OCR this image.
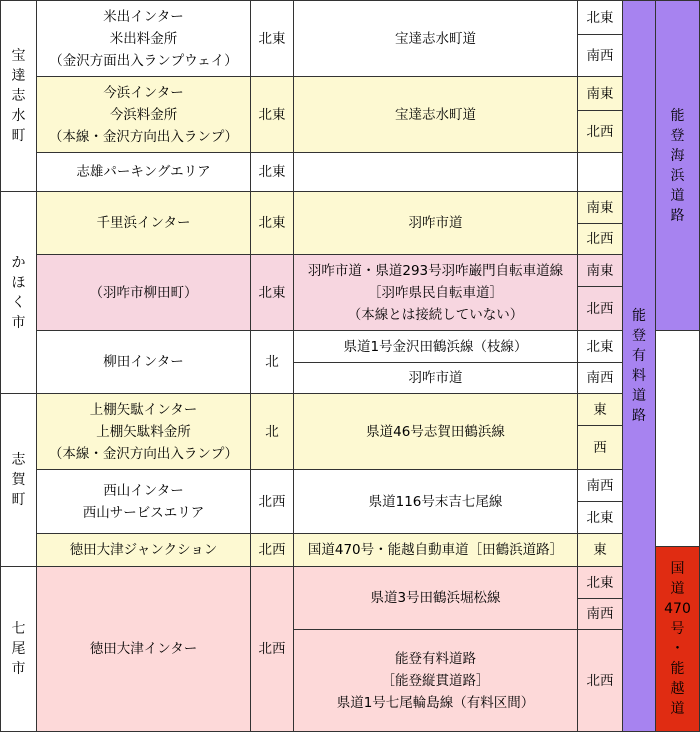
宝
達
志
水
町
か
ほ
く
市
志
賀
町
七
尾
市
米出インター
米出料金所
（金沢方面出入ランプウェイ）
今浜インター
今浜料金所
（本線・金沢方向出入ランプ）
志雄パーキングエリア
千里浜インター
（羽咋市柳田町）
柳田インター
上棚矢駄インター
上棚矢駄料金所
（本線・金沢方向出入ランプ）
西山インター
西山サービスエリア
徳田大津ジャンクション
徳田大津インター
北東
北東
北東
北東
北東
北
北
北西
北西
北西
宝達志水町道
宝達志水町道
羽咋市道
羽咋市道・県道293号羽咋巌門自転車道線
［羽咋県民自転車道］
（本線とは接続していない）
県道1号金沢田鶴浜線（枝線）
羽咋市道
県道46号志賀田鶴浜線
県道116号末吉七尾線
国道470号・能越自動車道［田鶴浜道路］
県道3号田鶴浜堀松線
能登有料道路
［能登縦貫道路］
県道1号七尾輪島線（有料区間）
北東
南西
南東
北西
南東
北西
南東
北西
北東
南西
東
西
南西
北東
東
北東
南西
北西
能
登
有
料
道
路
能
登
海
浜
道
路
国
道
470
号
・
能
越
道
